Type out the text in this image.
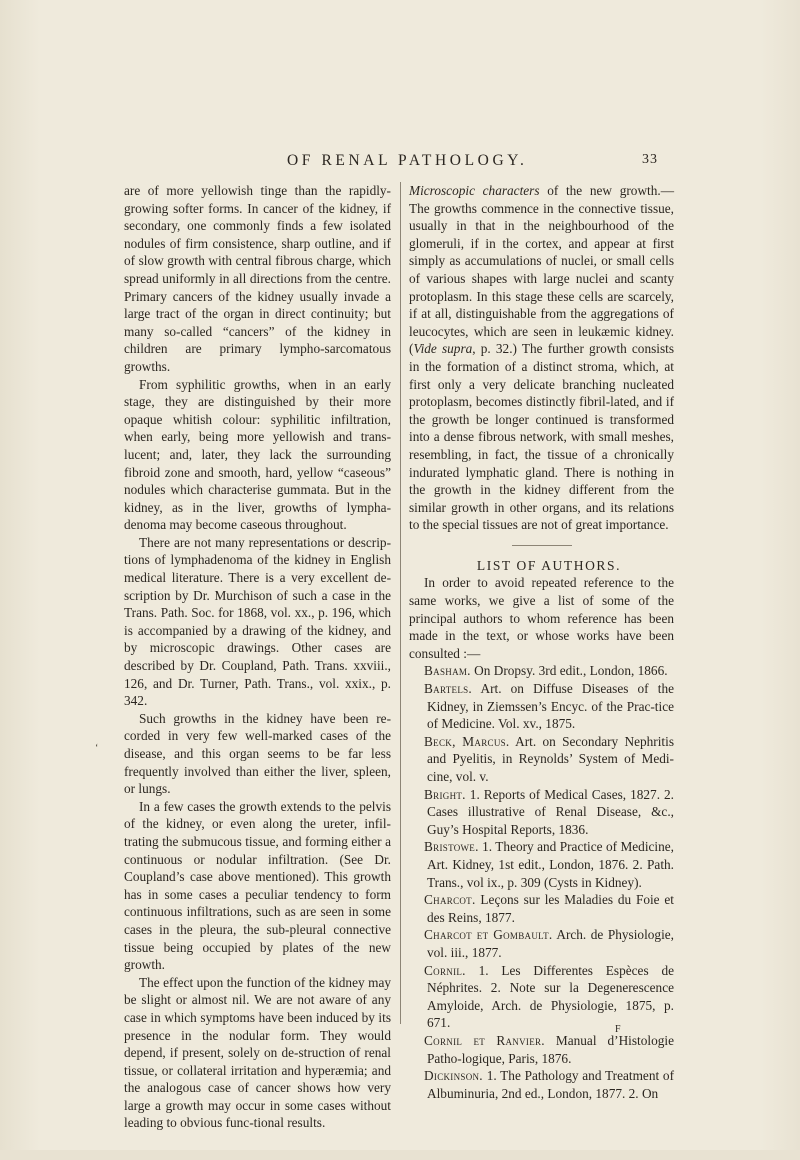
OF RENAL PATHOLOGY.	33

are of more yellowish tinge than the rapidly-growing softer forms. In cancer of the kidney, if secondary, one commonly finds a few isolated nodules of firm consistence, sharp outline, and if of slow growth with central fibrous charge, which spread uniformly in all directions from the centre. Primary cancers of the kidney usually invade a large tract of the organ in direct continuity; but many so-called “cancers” of the kidney in children are primary lympho-sarcomatous growths.

From syphilitic growths, when in an early stage, they are distinguished by their more opaque whitish colour: syphilitic infiltration, when early, being more yellowish and trans-lucent; and, later, they lack the surrounding fibroid zone and smooth, hard, yellow “caseous” nodules which characterise gummata. But in the kidney, as in the liver, growths of lympha-denoma may become caseous throughout.

There are not many representations or descrip-tions of lymphadenoma of the kidney in English medical literature. There is a very excellent de-scription by Dr. Murchison of such a case in the Trans. Path. Soc. for 1868, vol. xx., p. 196, which is accompanied by a drawing of the kidney, and by microscopic drawings. Other cases are described by Dr. Coupland, Path. Trans. xxviii., 126, and Dr. Turner, Path. Trans., vol. xxix., p. 342.

Such growths in the kidney have been re-corded in very few well-marked cases of the disease, and this organ seems to be far less frequently involved than either the liver, spleen, or lungs.

In a few cases the growth extends to the pelvis of the kidney, or even along the ureter, infil-trating the submucous tissue, and forming either a continuous or nodular infiltration. (See Dr. Coupland’s case above mentioned). This growth has in some cases a peculiar tendency to form continuous infiltrations, such as are seen in some cases in the pleura, the sub-pleural connective tissue being occupied by plates of the new growth.

The effect upon the function of the kidney may be slight or almost nil. We are not aware of any case in which symptoms have been induced by its presence in the nodular form. They would depend, if present, solely on de-struction of renal tissue, or collateral irritation and hyperæmia; and the analogous case of cancer shows how very large a growth may occur in some cases without leading to obvious func-tional results.

Microscopic characters of the new growth.— The growths commence in the connective tissue, usually in that in the neighbourhood of the glomeruli, if in the cortex, and appear at first simply as accumulations of nuclei, or small cells of various shapes with large nuclei and scanty protoplasm. In this stage these cells are scarcely, if at all, distinguishable from the aggregations of leucocytes, which are seen in leukæmic kidney. (Vide supra, p. 32.) The further growth consists in the formation of a distinct stroma, which, at first only a very delicate branching nucleated protoplasm, becomes distinctly fibril-lated, and if the growth be longer continued is transformed into a dense fibrous network, with small meshes, resembling, in fact, the tissue of a chronically indurated lymphatic gland. There is nothing in the growth in the kidney different from the similar growth in other organs, and its relations to the special tissues are not of great importance.

LIST OF AUTHORS.

In order to avoid repeated reference to the same works, we give a list of some of the principal authors to whom reference has been made in the text, or whose works have been consulted :—

Basham. On Dropsy. 3rd edit., London, 1866.

Bartels. Art. on Diffuse Diseases of the Kidney, in Ziemssen’s Encyc. of the Prac-tice of Medicine. Vol. xv., 1875.

Beck, Marcus. Art. on Secondary Nephritis and Pyelitis, in Reynolds’ System of Medi-cine, vol. v.

Bright. 1. Reports of Medical Cases, 1827. 2. Cases illustrative of Renal Disease, &c., Guy’s Hospital Reports, 1836.

Bristowe. 1. Theory and Practice of Medicine, Art. Kidney, 1st edit., London, 1876. 2. Path. Trans., vol ix., p. 309 (Cysts in Kidney).

Charcot. Leçons sur les Maladies du Foie et des Reins, 1877.

Charcot et Gombault. Arch. de Physiologie, vol. iii., 1877.

Cornil. 1. Les Differentes Espèces de Néphrites. 2. Note sur la Degenerescence Amyloide, Arch. de Physiologie, 1875, p. 671.

Cornil et Ranvier. Manual d’Histologie Patho-logique, Paris, 1876.

Dickinson. 1. The Pathology and Treatment of Albuminuria, 2nd ed., London, 1877. 2. On

F
‘
